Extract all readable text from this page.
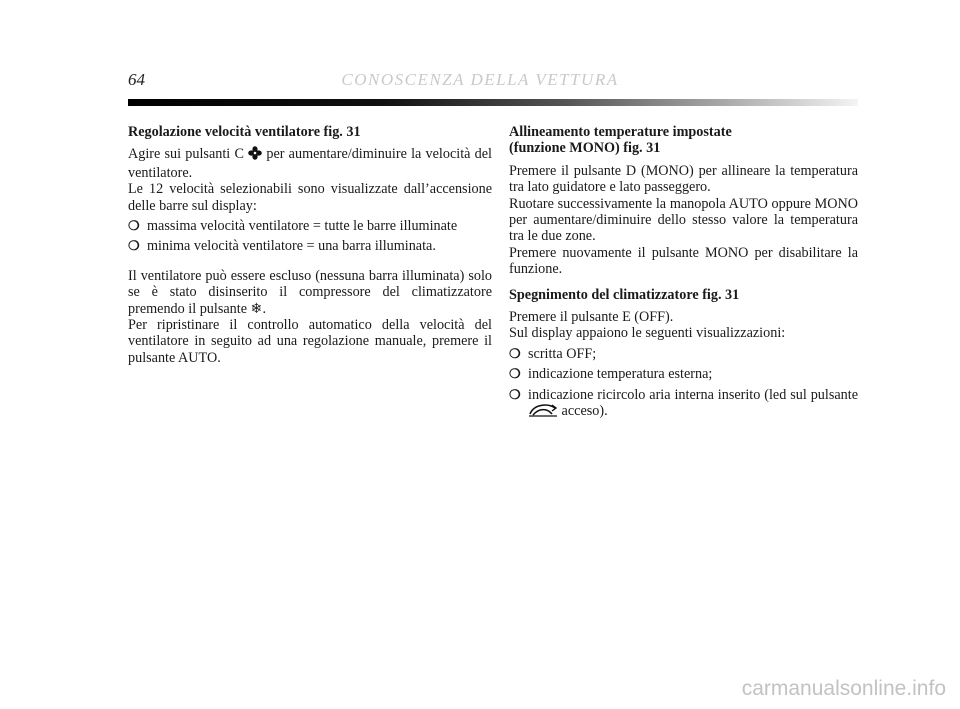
64	CONOSCENZA DELLA VETTURA
Regolazione velocità ventilatore fig. 31

Agire sui pulsanti C  per aumentare/diminuire la velocità del ventilatore.

Le 12 velocità selezionabili sono visualizzate dall’accensione delle barre sul display:

❍ massima velocità ventilatore = tutte le barre illuminate
❍ minima velocità ventilatore = una barra illuminata.

Il ventilatore può essere escluso (nessuna barra illuminata) solo se è stato disinserito il compressore del climatizzatore premendo il pulsante ❄.

Per ripristinare il controllo automatico della velocità del ventilatore in seguito ad una regolazione manuale, premere il pulsante AUTO.

Allineamento temperature impostate
(funzione MONO) fig. 31

Premere il pulsante D (MONO) per allineare la temperatura tra lato guidatore e lato passeggero.

Ruotare successivamente la manopola AUTO oppure MONO per aumentare/diminuire dello stesso valore la temperatura tra le due zone.

Premere nuovamente il pulsante MONO per disabilitare la funzione.

Spegnimento del climatizzatore fig. 31

Premere il pulsante E (OFF).

Sul display appaiono le seguenti visualizzazioni:

❍ scritta OFF;
❍ indicazione temperatura esterna;
❍ indicazione ricircolo aria interna inserito (led sul pulsante  acceso).
carmanualsonline.info
